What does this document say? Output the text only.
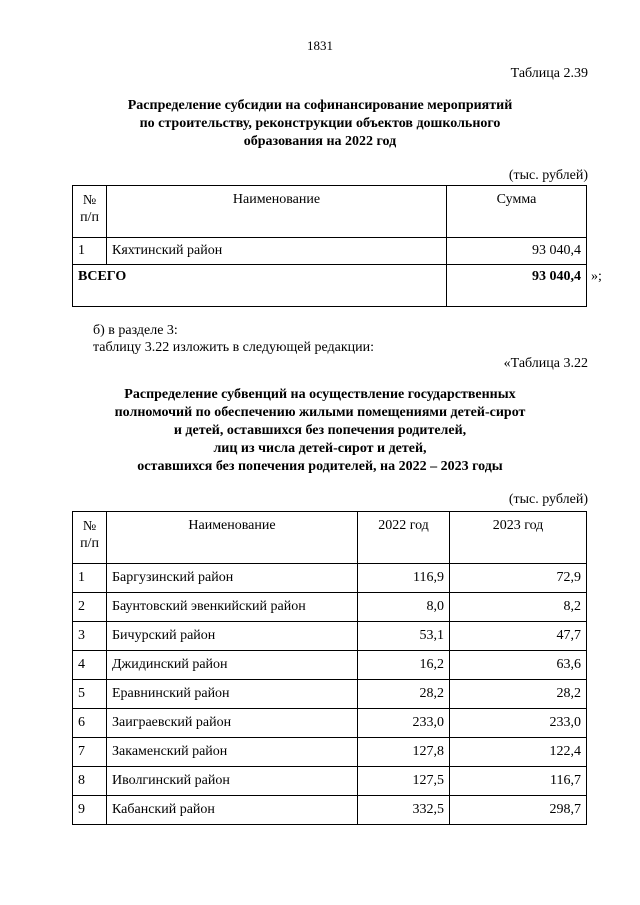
1831
Таблица 2.39
Распределение субсидии на софинансирование мероприятий
по строительству, реконструкции объектов дошкольного
образования на 2022 год
(тыс. рублей)
№
п/п	Наименование	Сумма
1	Кяхтинский район	93 040,4
ВСЕГО		93 040,4 »;
б) в разделе 3:
таблицу 3.22 изложить в следующей редакции:
«Таблица 3.22
Распределение субвенций на осуществление государственных
полномочий по обеспечению жилыми помещениями детей-сирот
и детей, оставшихся без попечения родителей,
лиц из числа детей-сирот и детей,
оставшихся без попечения родителей, на 2022 – 2023 годы
(тыс. рублей)
№
п/п	Наименование	2022 год	2023 год
1	Баргузинский район	116,9	72,9
2	Баунтовский эвенкийский район	8,0	8,2
3	Бичурский район	53,1	47,7
4	Джидинский район	16,2	63,6
5	Еравнинский район	28,2	28,2
6	Заиграевский район	233,0	233,0
7	Закаменский район	127,8	122,4
8	Иволгинский район	127,5	116,7
9	Кабанский район	332,5	298,7
